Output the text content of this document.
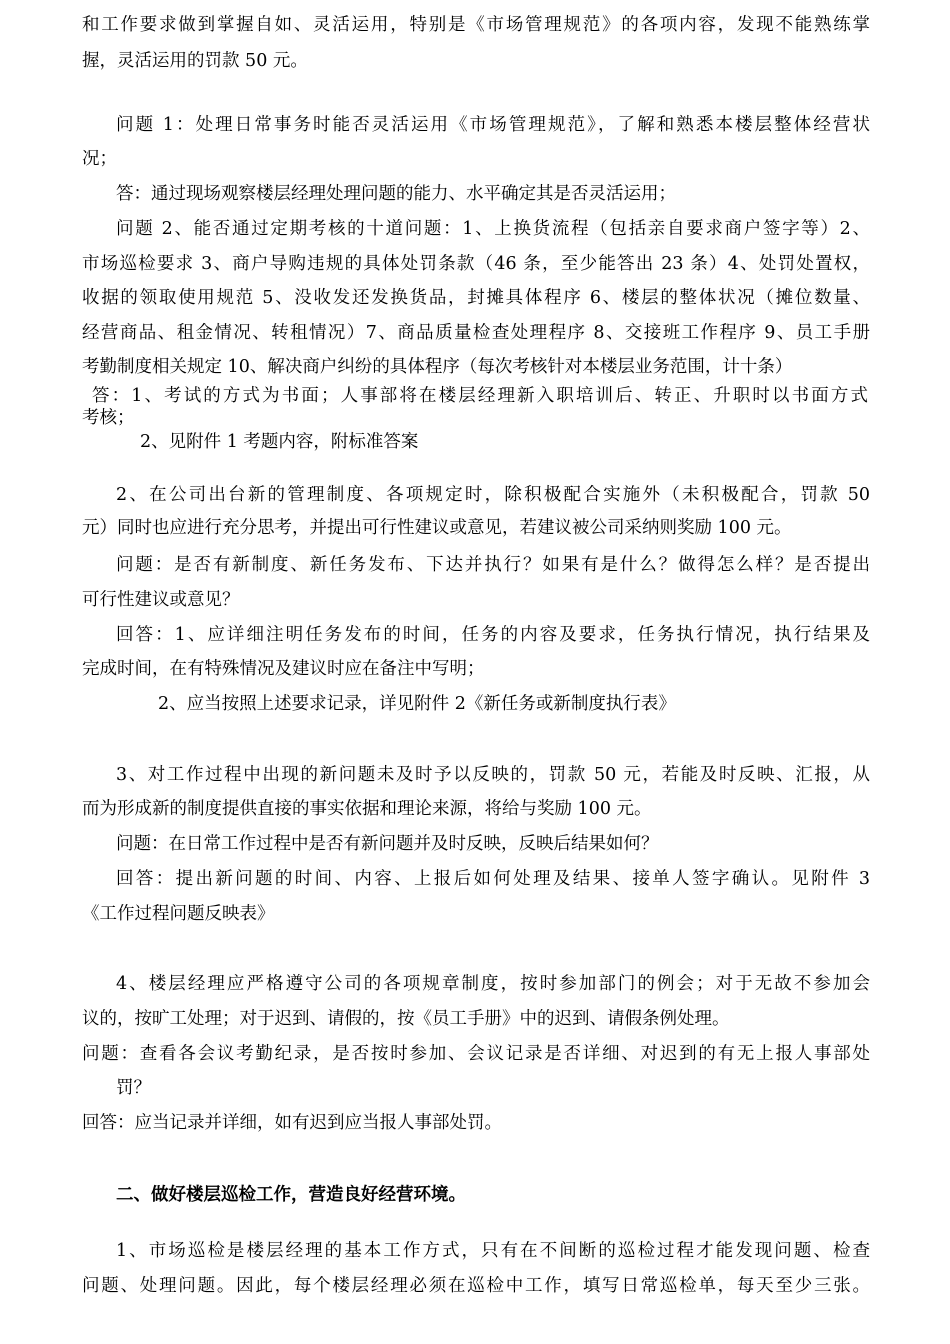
和工作要求做到掌握自如、灵活运用，特别是《市场管理规范》的各项内容，发现不能熟练掌
握，灵活运用的罚款 50 元。
问题 1：处理日常事务时能否灵活运用《市场管理规范》，了解和熟悉本楼层整体经营状
况；
答：通过现场观察楼层经理处理问题的能力、水平确定其是否灵活运用；
问题 2、能否通过定期考核的十道问题：1、上换货流程（包括亲自要求商户签字等）2、
市场巡检要求 3、商户导购违规的具体处罚条款（46 条，至少能答出 23 条）4、处罚处置权，
收据的领取使用规范 5、没收发还发换货品，封摊具体程序 6、楼层的整体状况（摊位数量、
经营商品、租金情况、转租情况）7、商品质量检查处理程序 8、交接班工作程序 9、员工手册
考勤制度相关规定 10、解决商户纠纷的具体程序（每次考核针对本楼层业务范围，计十条）
答：1、考试的方式为书面；人事部将在楼层经理新入职培训后、转正、升职时以书面方式
考核；
2、见附件 1 考题内容，附标准答案
2、在公司出台新的管理制度、各项规定时，除积极配合实施外（未积极配合，罚款 50
元）同时也应进行充分思考，并提出可行性建议或意见，若建议被公司采纳则奖励 100 元。
问题：是否有新制度、新任务发布、下达并执行？如果有是什么？做得怎么样？是否提出
可行性建议或意见？
回答：1、应详细注明任务发布的时间，任务的内容及要求，任务执行情况，执行结果及
完成时间，在有特殊情况及建议时应在备注中写明；
2、应当按照上述要求记录，详见附件 2《新任务或新制度执行表》
3、对工作过程中出现的新问题未及时予以反映的，罚款 50 元，若能及时反映、汇报，从
而为形成新的制度提供直接的事实依据和理论来源，将给与奖励 100 元。
问题：在日常工作过程中是否有新问题并及时反映，反映后结果如何？
回答：提出新问题的时间、内容、上报后如何处理及结果、接单人签字确认。见附件 3
《工作过程问题反映表》
4、楼层经理应严格遵守公司的各项规章制度，按时参加部门的例会；对于无故不参加会
议的，按旷工处理；对于迟到、请假的，按《员工手册》中的迟到、请假条例处理。
问题：查看各会议考勤纪录，是否按时参加、会议记录是否详细、对迟到的有无上报人事部处
罚？
回答：应当记录并详细，如有迟到应当报人事部处罚。
二、做好楼层巡检工作，营造良好经营环境。
1、市场巡检是楼层经理的基本工作方式，只有在不间断的巡检过程才能发现问题、检查
问题、处理问题。因此，每个楼层经理必须在巡检中工作，填写日常巡检单，每天至少三张。
